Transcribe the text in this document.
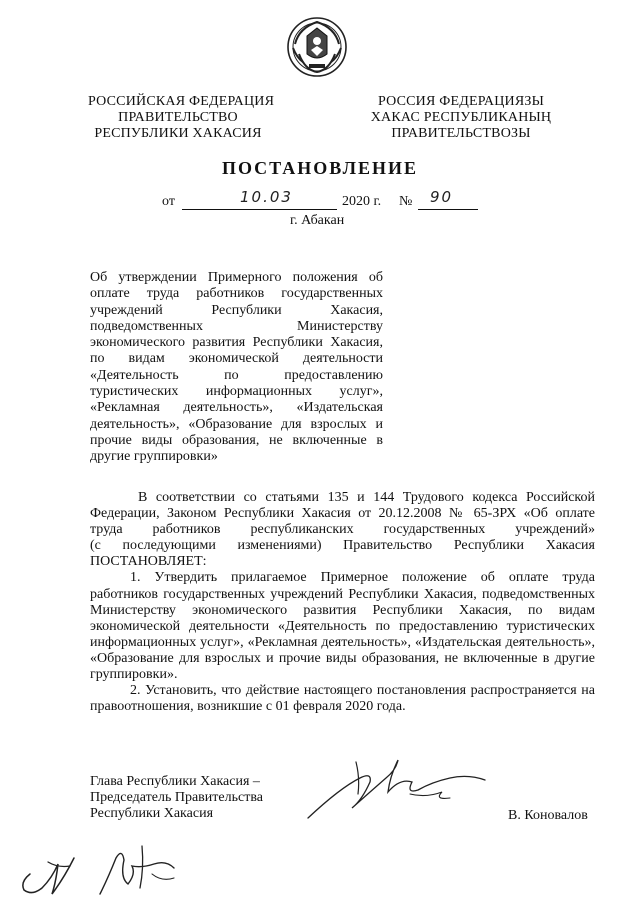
РОССИЙСКАЯ ФЕДЕРАЦИЯ
ПРАВИТЕЛЬСТВО
РЕСПУБЛИКИ ХАКАСИЯ
РОССИЯ ФЕДЕРАЦИЯЗЫ
ХАКАС РЕСПУБЛИКАНЫҢ
ПРАВИТЕЛЬСТВОЗЫ
ПОСТАНОВЛЕНИЕ
от	10.03	2020 г. № 90
г. Абакан
Об утверждении Примерного положения об
оплате труда работников государственных
учреждений Республики Хакасия,
подведомственных Министерству
экономического развития Республики Хакасия,
по видам экономической деятельности
«Деятельность по предоставлению
туристических информационных услуг»,
«Рекламная деятельность», «Издательская
деятельность», «Образование для взрослых и
прочие виды образования, не включенные в
другие группировки»
В соответствии со статьями 135 и 144 Трудового кодекса Российской
Федерации, Законом Республики Хакасия от 20.12.2008 № 65-ЗРХ «Об оплате
труда работников республиканских государственных учреждений»
(с последующими изменениями) Правительство Республики Хакасия
ПОСТАНОВЛЯЕТ:
1. Утвердить прилагаемое Примерное положение об оплате труда
работников государственных учреждений Республики Хакасия, подведомственных
Министерству экономического развития Республики Хакасия, по видам
экономической деятельности «Деятельность по предоставлению туристических
информационных услуг», «Рекламная деятельность», «Издательская деятельность»,
«Образование для взрослых и прочие виды образования, не включенные в другие
группировки».
2. Установить, что действие настоящего постановления распространяется на
правоотношения, возникшие с 01 февраля 2020 года.
Глава Республики Хакасия –
Председатель Правительства
Республики Хакасия	В. Коновалов
